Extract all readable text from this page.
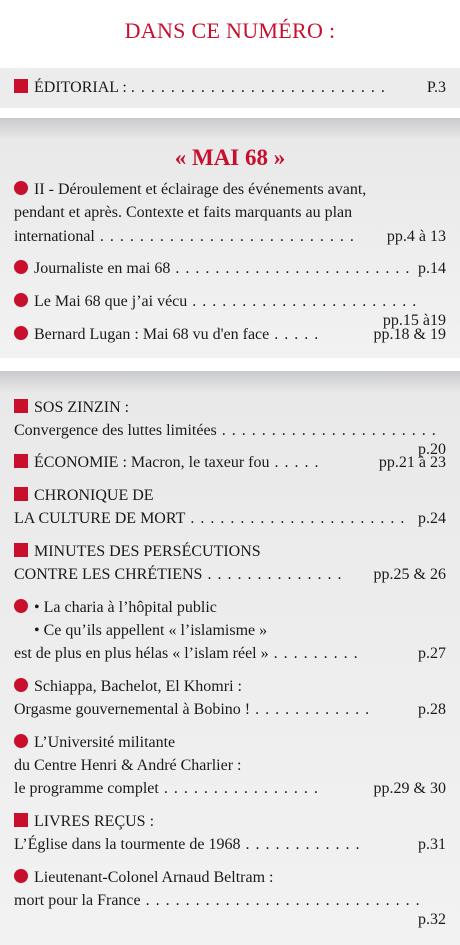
DANS CE NUMÉRO :
ÉDITORIAL : . . . . . . . . . . . . . . . . . . . . . . . . . .	P.3
« MAI 68 »
II - Déroulement et éclairage des événements avant,
pendant et après. Contexte et faits marquants au plan
international . . . . . . . . . . . . . . . . . . . . . . . . . . pp.4 à 13
Journaliste en mai 68 . . . . . . . . . . . . . . . . . . . . . . . . p.14
Le Mai 68 que j’ai vécu . . . . . . . . . . . . . . . . . . . . . . .
pp.15 à19
Bernard Lugan : Mai 68 vu d'en face . . . . .	pp.18 & 19
SOS ZINZIN :
Convergence des luttes limitées . . . . . . . . . . . . . . . . . . . . . .
p.20
ÉCONOMIE : Macron, le taxeur fou . . . . .	pp.21 à 23
CHRONIQUE DE
LA CULTURE DE MORT . . . . . . . . . . . . . . . . . . . . . . p.24
MINUTES DES PERSÉCUTIONS
CONTRE LES CHRÉTIENS . . . . . . . . . . . . . . pp.25 & 26
• La charia à l’hôpital public
• Ce qu’ils appellent « l’islamisme »
est de plus en plus hélas « l’islam réel » . . . . . . . . .	p.27
Schiappa, Bachelot, El Khomri :
Orgasme gouvernemental à Bobino ! . . . . . . . . . . . .	p.28
L’Université militante
du Centre Henri & André Charlier :
le programme complet . . . . . . . . . . . . . . . .	pp.29 & 30
LIVRES REÇUS :
L’Église dans la tourmente de 1968 . . . . . . . . . . . .	p.31
Lieutenant-Colonel Arnaud Beltram :
mort pour la France . . . . . . . . . . . . . . . . . . . . . . . . . . . .
p.32
